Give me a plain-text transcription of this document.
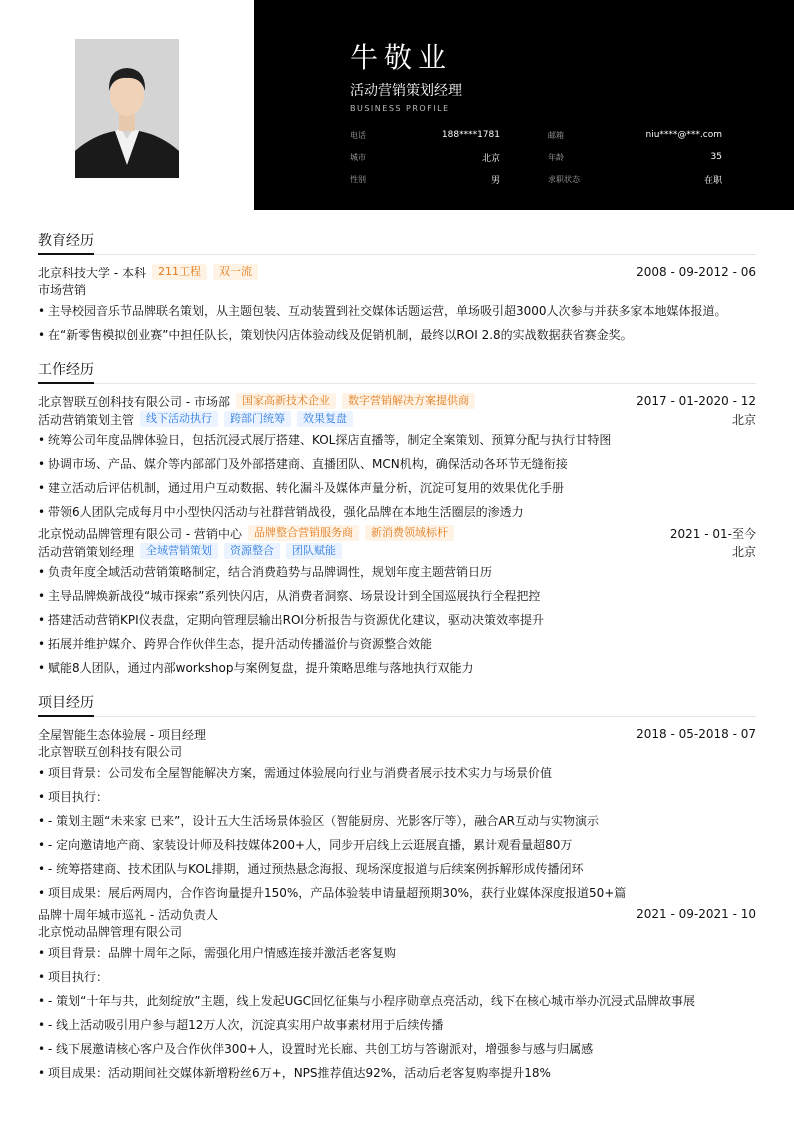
牛敬业
活动营销策划经理
BUSINESS PROFILE
电话	188****1781	邮箱	niu****@***.com
城市	北京	年龄	35
性别	男	求职状态	在职
教育经历
北京科技大学 - 本科	211工程	双一流	2008 - 09-2012 - 06
市场营销
• 主导校园音乐节品牌联名策划，从主题包装、互动装置到社交媒体话题运营，单场吸引超3000人次参与并获多家本地媒体报道。
• 在“新零售模拟创业赛”中担任队长，策划快闪店体验动线及促销机制，最终以ROI 2.8的实战数据获省赛金奖。
工作经历
北京智联互创科技有限公司 - 市场部	国家高新技术企业	数字营销解决方案提供商	2017 - 01-2020 - 12
活动营销策划主管	线下活动执行	跨部门统筹	效果复盘	北京
• 统筹公司年度品牌体验日，包括沉浸式展厅搭建、KOL探店直播等，制定全案策划、预算分配与执行甘特图
• 协调市场、产品、媒介等内部部门及外部搭建商、直播团队、MCN机构，确保活动各环节无缝衔接
• 建立活动后评估机制，通过用户互动数据、转化漏斗及媒体声量分析，沉淀可复用的效果优化手册
• 带领6人团队完成每月中小型快闪活动与社群营销战役，强化品牌在本地生活圈层的渗透力
北京悦动品牌管理有限公司 - 营销中心	品牌整合营销服务商	新消费领域标杆	2021 - 01-至今
活动营销策划经理	全域营销策划	资源整合	团队赋能	北京
• 负责年度全域活动营销策略制定，结合消费趋势与品牌调性，规划年度主题营销日历
• 主导品牌焕新战役“城市探索”系列快闪店，从消费者洞察、场景设计到全国巡展执行全程把控
• 搭建活动营销KPI仪表盘，定期向管理层输出ROI分析报告与资源优化建议，驱动决策效率提升
• 拓展并维护媒介、跨界合作伙伴生态，提升活动传播溢价与资源整合效能
• 赋能8人团队，通过内部workshop与案例复盘，提升策略思维与落地执行双能力
项目经历
全屋智能生态体验展 - 项目经理	2018 - 05-2018 - 07
北京智联互创科技有限公司
• 项目背景：公司发布全屋智能解决方案，需通过体验展向行业与消费者展示技术实力与场景价值
• 项目执行：
• - 策划主题“未来家 已来”，设计五大生活场景体验区（智能厨房、光影客厅等），融合AR互动与实物演示
• - 定向邀请地产商、家装设计师及科技媒体200+人，同步开启线上云逛展直播，累计观看量超80万
• - 统筹搭建商、技术团队与KOL排期，通过预热悬念海报、现场深度报道与后续案例拆解形成传播闭环
• 项目成果：展后两周内，合作咨询量提升150%，产品体验装申请量超预期30%，获行业媒体深度报道50+篇
品牌十周年城市巡礼 - 活动负责人	2021 - 09-2021 - 10
北京悦动品牌管理有限公司
• 项目背景：品牌十周年之际，需强化用户情感连接并激活老客复购
• 项目执行：
• - 策划“十年与共，此刻绽放”主题，线上发起UGC回忆征集与小程序勋章点亮活动，线下在核心城市举办沉浸式品牌故事展
• - 线上活动吸引用户参与超12万人次，沉淀真实用户故事素材用于后续传播
• - 线下展邀请核心客户及合作伙伴300+人，设置时光长廊、共创工坊与答谢派对，增强参与感与归属感
• 项目成果：活动期间社交媒体新增粉丝6万+，NPS推荐值达92%，活动后老客复购率提升18%
